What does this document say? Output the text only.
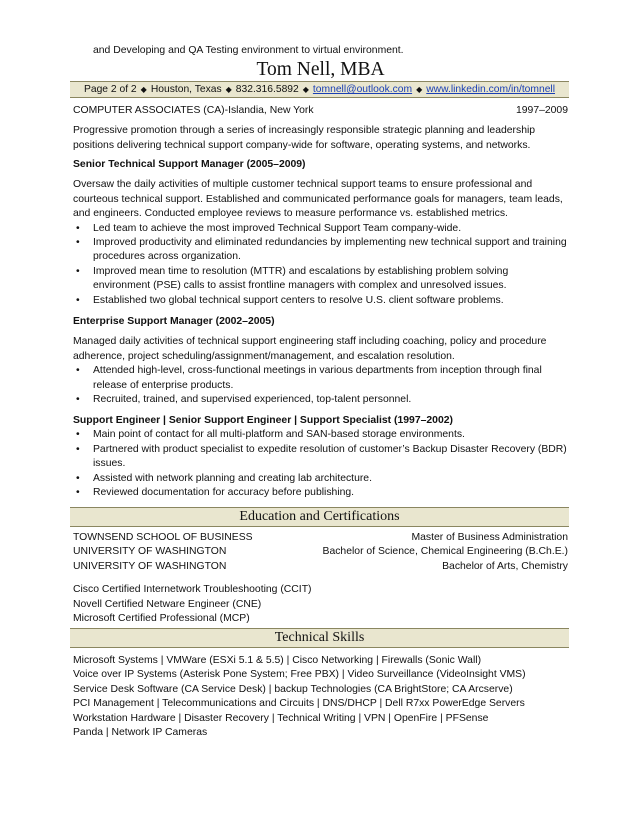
and Developing and QA Testing environment to virtual environment.
Tom Nell, MBA
Page 2 of 2 ◆ Houston, Texas ◆ 832.316.5892 ◆ tomnell@outlook.com ◆ www.linkedin.com/in/tomnell
COMPUTER ASSOCIATES (CA)-Islandia, New York	1997–2009
Progressive promotion through a series of increasingly responsible strategic planning and leadership positions delivering technical support company-wide for software, operating systems, and networks.
Senior Technical Support Manager (2005–2009)
Oversaw the daily activities of multiple customer technical support teams to ensure professional and courteous technical support. Established and communicated performance goals for managers, team leads, and engineers. Conducted employee reviews to measure performance vs. established metrics.
• Led team to achieve the most improved Technical Support Team company-wide.
• Improved productivity and eliminated redundancies by implementing new technical support and training procedures across organization.
• Improved mean time to resolution (MTTR) and escalations by establishing problem solving environment (PSE) calls to assist frontline managers with complex and unresolved issues.
• Established two global technical support centers to resolve U.S. client software problems.
Enterprise Support Manager (2002–2005)
Managed daily activities of technical support engineering staff including coaching, policy and procedure adherence, project scheduling/assignment/management, and escalation resolution.
• Attended high-level, cross-functional meetings in various departments from inception through final release of enterprise products.
• Recruited, trained, and supervised experienced, top-talent personnel.
Support Engineer | Senior Support Engineer | Support Specialist (1997–2002)
• Main point of contact for all multi-platform and SAN-based storage environments.
• Partnered with product specialist to expedite resolution of customer’s Backup Disaster Recovery (BDR) issues.
• Assisted with network planning and creating lab architecture.
• Reviewed documentation for accuracy before publishing.
Education and Certifications
TOWNSEND SCHOOL OF BUSINESS	Master of Business Administration
UNIVERSITY OF WASHINGTON	Bachelor of Science, Chemical Engineering (B.Ch.E.)
UNIVERSITY OF WASHINGTON	Bachelor of Arts, Chemistry
Cisco Certified Internetwork Troubleshooting (CCIT)
Novell Certified Netware Engineer (CNE)
Microsoft Certified Professional (MCP)
Technical Skills
Microsoft Systems | VMWare (ESXi 5.1 & 5.5) | Cisco Networking | Firewalls (Sonic Wall)
Voice over IP Systems (Asterisk Pone System; Free PBX) | Video Surveillance (VideoInsight VMS)
Service Desk Software (CA Service Desk) | backup Technologies (CA BrightStore; CA Arcserve)
PCI Management | Telecommunications and Circuits | DNS/DHCP | Dell R7xx PowerEdge Servers
Workstation Hardware | Disaster Recovery | Technical Writing | VPN | OpenFire | PFSense
Panda | Network IP Cameras
